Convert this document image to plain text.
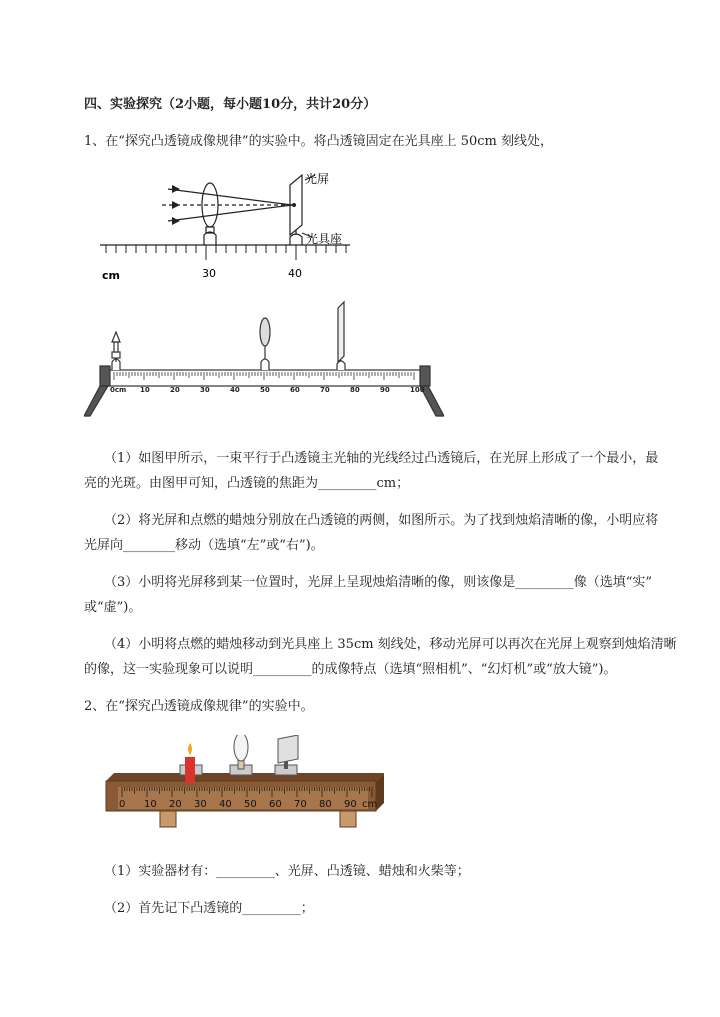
四、实验探究（2小题，每小题10分，共计20分）
1、在“探究凸透镜成像规律”的实验中。将凸透镜固定在光具座上 50cm 刻线处，
光屏
光具座
cm	30	40
0cm 10	20	30	40	50	60	70	80	90	100
（1）如图甲所示，一束平行于凸透镜主光轴的光线经过凸透镜后，在光屏上形成了一个最小，最
亮的光斑。由图甲可知，凸透镜的焦距为_________cm；
（2）将光屏和点燃的蜡烛分别放在凸透镜的两侧，如图所示。为了找到烛焰清晰的像，小明应将
光屏向________移动（选填“左”或“右”)。
（3）小明将光屏移到某一位置时，光屏上呈现烛焰清晰的像，则该像是_________像（选填“实”
或“虚”)。
（4）小明将点燃的蜡烛移动到光具座上 35cm 刻线处，移动光屏可以再次在光屏上观察到烛焰清晰
的像，这一实验现象可以说明_________的成像特点（选填“照相机”、“幻灯机”或“放大镜”)。
2、在“探究凸透镜成像规律”的实验中。
0 10 20 30 40 50 60 70 80 90 cm
（1）实验器材有：_________、光屏、凸透镜、蜡烛和火柴等；
（2）首先记下凸透镜的_________；
